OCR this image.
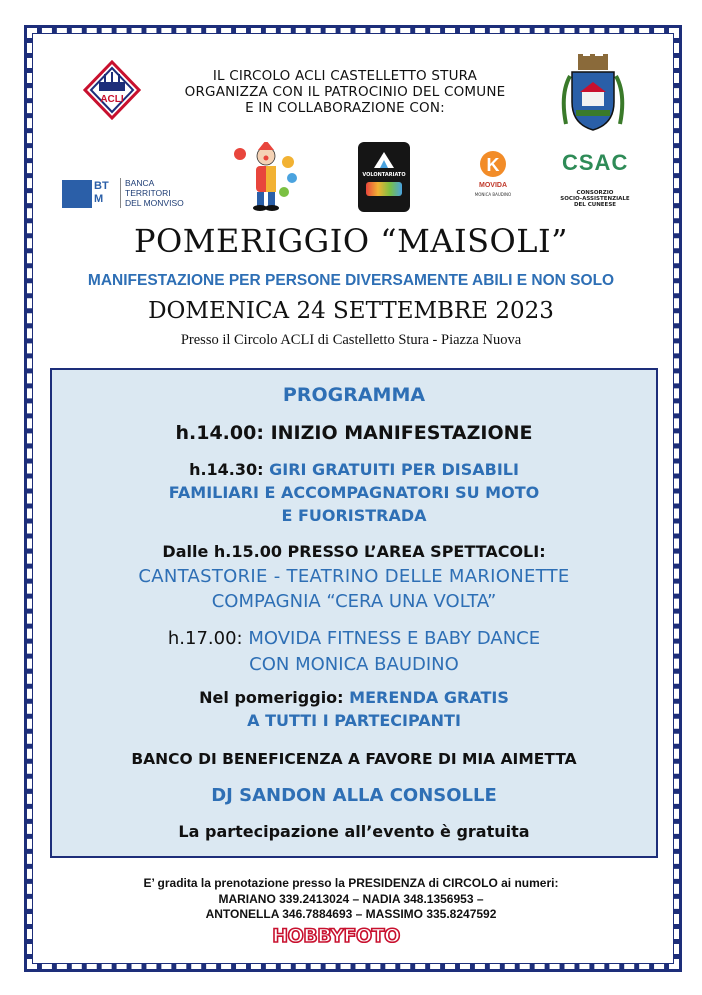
ACLI
IL CIRCOLO ACLI CASTELLETTO STURA
ORGANIZZA CON IL PATROCINIO DEL COMUNE
E IN COLLABORAZIONE CON:
BT
M
BANCA
TERRITORI
DEL MONVISO
VOLONTARIATO	K
MOVIDA
MONICA BAUDINO
CSAC
CONSORZIO
SOCIO-ASSISTENZIALE
DEL CUNEESE
POMERIGGIO “MAISOLI”
MANIFESTAZIONE PER PERSONE DIVERSAMENTE ABILI E NON SOLO
DOMENICA 24 SETTEMBRE 2023
Presso il Circolo ACLI di Castelletto Stura - Piazza Nuova
PROGRAMMA
h.14.00: INIZIO MANIFESTAZIONE
h.14.30: GIRI GRATUITI PER DISABILI
FAMILIARI E ACCOMPAGNATORI SU MOTO
E FUORISTRADA
Dalle h.15.00 PRESSO L’AREA SPETTACOLI:
CANTASTORIE - TEATRINO DELLE MARIONETTE
COMPAGNIA “CERA UNA VOLTA”
h.17.00: MOVIDA FITNESS E BABY DANCE
CON MONICA BAUDINO
Nel pomeriggio: MERENDA GRATIS
A TUTTI I PARTECIPANTI
BANCO DI BENEFICENZA A FAVORE DI MIA AIMETTA
DJ SANDON ALLA CONSOLLE
La partecipazione all’evento è gratuita
E’ gradita la prenotazione presso la PRESIDENZA di CIRCOLO ai numeri:
MARIANO 339.2413024 – NADIA 348.1356953 –
ANTONELLA 346.7884693 – MASSIMO 335.8247592
HOBBYFOTO
